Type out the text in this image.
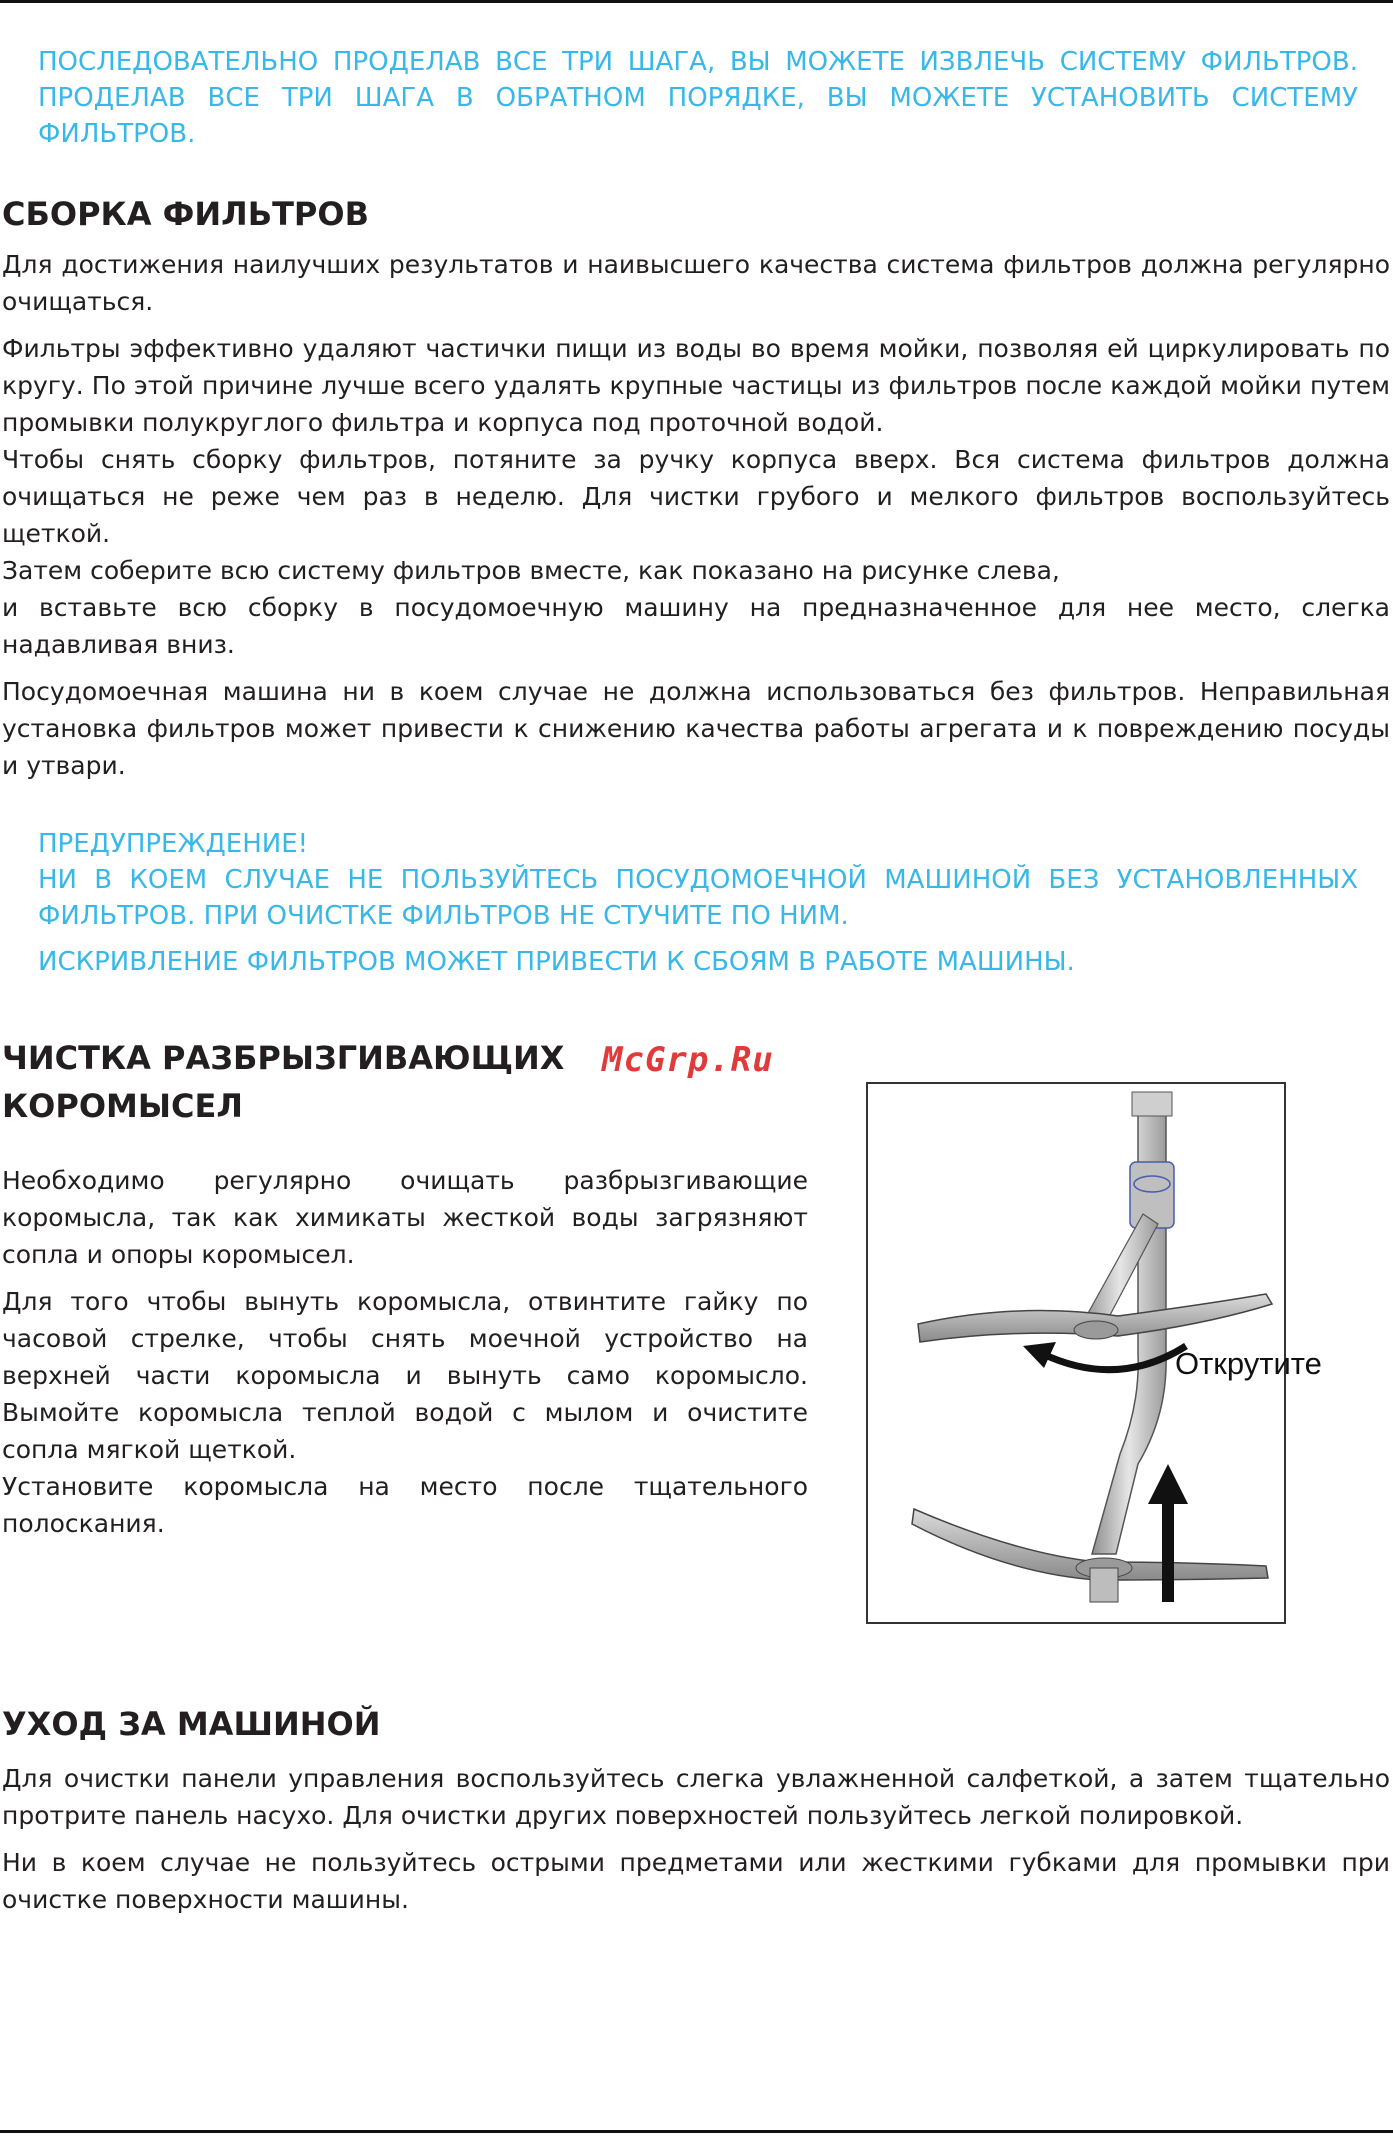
ПОСЛЕДОВАТЕЛЬНО ПРОДЕЛАВ ВСЕ ТРИ ШАГА, ВЫ МОЖЕТЕ ИЗВЛЕЧЬ СИСТЕМУ ФИЛЬТРОВ. ПРОДЕЛАВ ВСЕ ТРИ ШАГА В ОБРАТНОМ ПОРЯДКЕ, ВЫ МОЖЕТЕ УСТАНОВИТЬ СИСТЕМУ ФИЛЬТРОВ.

СБОРКА ФИЛЬТРОВ

Для достижения наилучших результатов и наивысшего качества система фильтров должна регулярно очищаться.

Фильтры эффективно удаляют частички пищи из воды во время мойки, позволяя ей циркулировать по кругу. По этой причине лучше всего удалять крупные частицы из фильтров после каждой мойки путем промывки полукруглого фильтра и корпуса под проточной водой.

Чтобы снять сборку фильтров, потяните за ручку корпуса вверх. Вся система фильтров должна очищаться не реже чем раз в неделю. Для чистки грубого и мелкого фильтров воспользуйтесь щеткой.

Затем соберите всю систему фильтров вместе, как показано на рисунке слева,

и вставьте всю сборку в посудомоечную машину на предназначенное для нее место, слегка надавливая вниз.

Посудомоечная машина ни в коем случае не должна использоваться без фильтров. Неправильная установка фильтров может привести к снижению качества работы агрегата и к повреждению посуды и утвари.

ПРЕДУПРЕЖДЕНИЕ!

НИ В КОЕМ СЛУЧАЕ НЕ ПОЛЬЗУЙТЕСЬ ПОСУДОМОЕЧНОЙ МАШИНОЙ БЕЗ УСТАНОВЛЕННЫХ ФИЛЬТРОВ. ПРИ ОЧИСТКЕ ФИЛЬТРОВ НЕ СТУЧИТЕ ПО НИМ.

ИСКРИВЛЕНИЕ ФИЛЬТРОВ МОЖЕТ ПРИВЕСТИ К СБОЯМ В РАБОТЕ МАШИНЫ.

ЧИСТКА РАЗБРЫЗГИВАЮЩИХ
КОРОМЫСЕЛ
McGrp.Ru

Необходимо регулярно очищать разбрызгивающие коромысла, так как химикаты жесткой воды загрязняют сопла и опоры коромысел.

Для того чтобы вынуть коромысла, отвинтите гайку по часовой стрелке, чтобы снять моечной устройство на верхней части коромысла и вынуть само коромысло. Вымойте коромысла теплой водой с мылом и очистите сопла мягкой щеткой.

Установите коромысла на место после тщательного полоскания.

Открутите
УХОД ЗА МАШИНОЙ

Для очистки панели управления воспользуйтесь слегка увлажненной салфеткой, а затем тщательно протрите панель насухо. Для очистки других поверхностей пользуйтесь легкой полировкой.

Ни в коем случае не пользуйтесь острыми предметами или жесткими губками для промывки при очистке поверхности машины.
